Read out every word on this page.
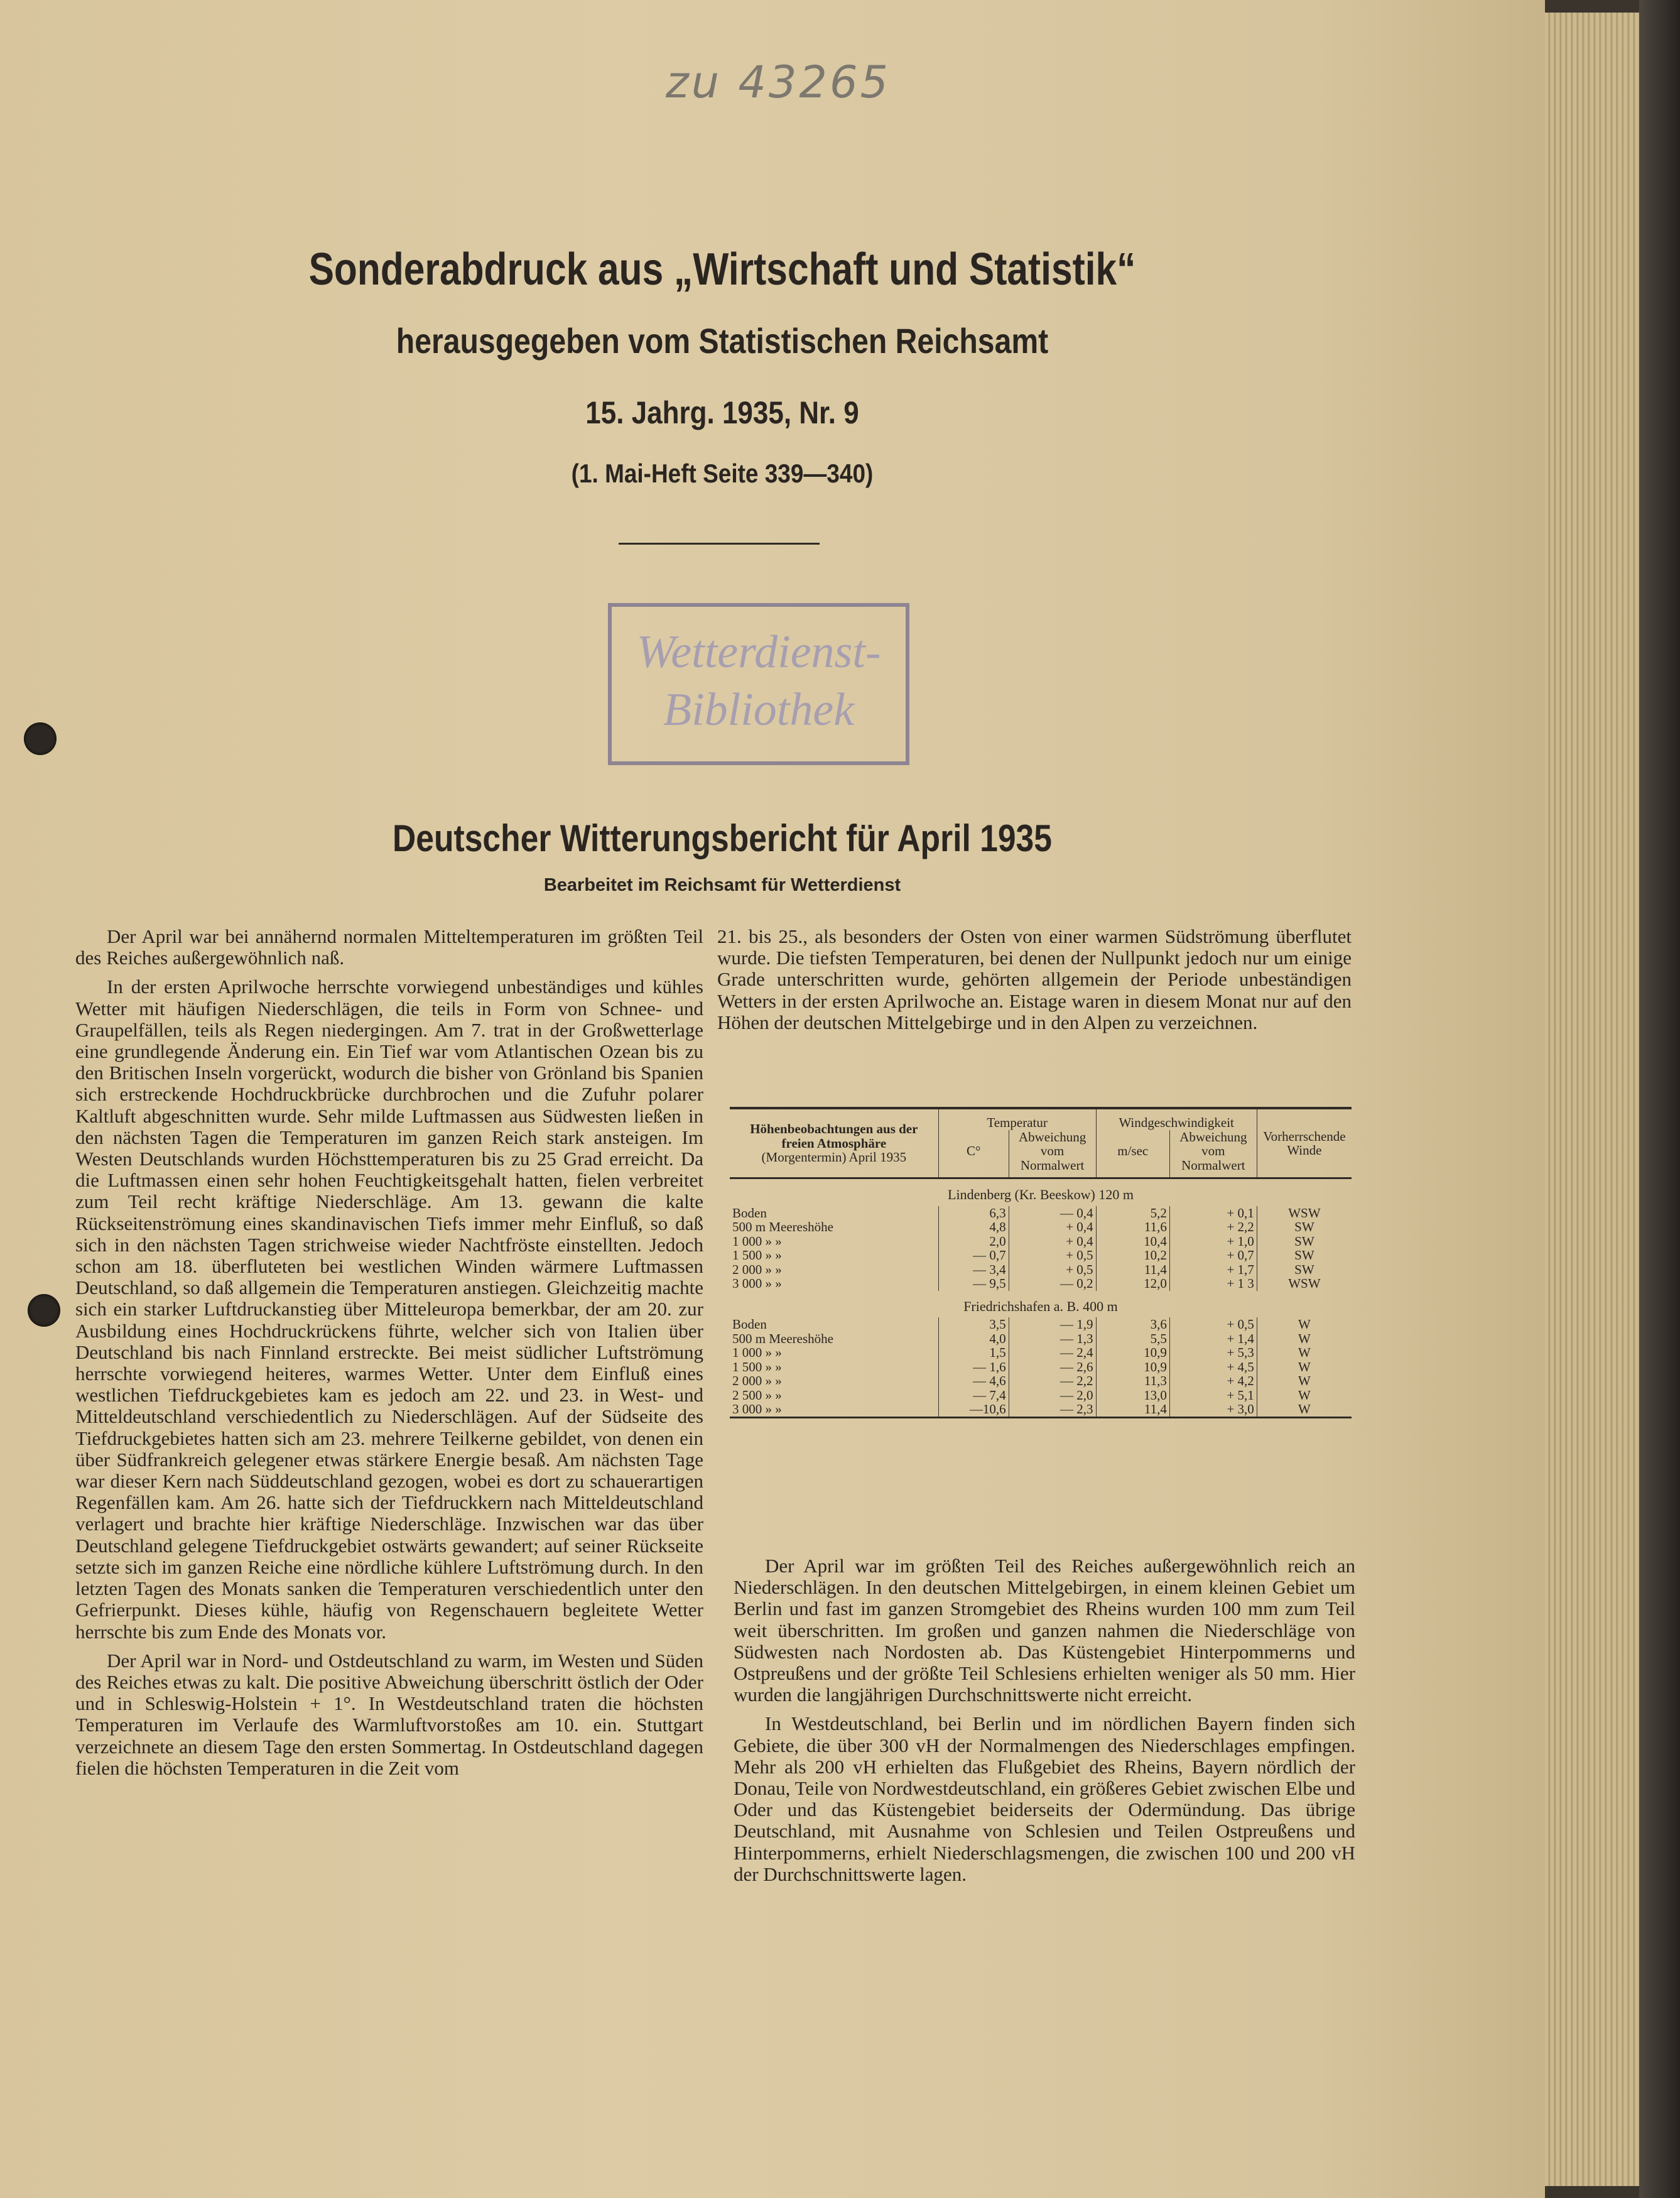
zu 43265
Sonderabdruck aus „Wirtschaft und Statistik“
herausgegeben vom Statistischen Reichsamt
15. Jahrg. 1935, Nr. 9
(1. Mai-Heft Seite 339—340)
Wetterdienst-
Bibliothek
Deutscher Witterungsbericht für April 1935
Bearbeitet im Reichsamt für Wetterdienst

Der April war bei annähernd normalen Mitteltemperaturen im größten Teil des Reiches außergewöhnlich naß.

In der ersten Aprilwoche herrschte vorwiegend unbeständiges und kühles Wetter mit häufigen Niederschlägen, die teils in Form von Schnee- und Graupelfällen, teils als Regen niedergingen. Am 7. trat in der Großwetterlage eine grundlegende Änderung ein. Ein Tief war vom Atlantischen Ozean bis zu den Britischen Inseln vorgerückt, wodurch die bisher von Grönland bis Spanien sich erstreckende Hochdruckbrücke durchbrochen und die Zufuhr polarer Kaltluft abgeschnitten wurde. Sehr milde Luftmassen aus Südwesten ließen in den nächsten Tagen die Temperaturen im ganzen Reich stark ansteigen. Im Westen Deutschlands wurden Höchsttemperaturen bis zu 25 Grad erreicht. Da die Luftmassen einen sehr hohen Feuchtigkeitsgehalt hatten, fielen verbreitet zum Teil recht kräftige Niederschläge. Am 13. gewann die kalte Rückseitenströmung eines skandinavischen Tiefs immer mehr Einfluß, so daß sich in den nächsten Tagen strichweise wieder Nachtfröste einstellten. Jedoch schon am 18. überfluteten bei westlichen Winden wärmere Luftmassen Deutschland, so daß allgemein die Temperaturen anstiegen. Gleichzeitig machte sich ein starker Luftdruckanstieg über Mitteleuropa bemerkbar, der am 20. zur Ausbildung eines Hochdruckrückens führte, welcher sich von Italien über Deutschland bis nach Finnland erstreckte. Bei meist südlicher Luftströmung herrschte vorwiegend heiteres, warmes Wetter. Unter dem Einfluß eines westlichen Tiefdruckgebietes kam es jedoch am 22. und 23. in West- und Mitteldeutschland verschiedentlich zu Niederschlägen. Auf der Südseite des Tiefdruckgebietes hatten sich am 23. mehrere Teilkerne gebildet, von denen ein über Südfrankreich gelegener etwas stärkere Energie besaß. Am nächsten Tage war dieser Kern nach Süddeutschland gezogen, wobei es dort zu schauerartigen Regenfällen kam. Am 26. hatte sich der Tiefdruckkern nach Mitteldeutschland verlagert und brachte hier kräftige Niederschläge. Inzwischen war das über Deutschland gelegene Tiefdruckgebiet ostwärts gewandert; auf seiner Rückseite setzte sich im ganzen Reiche eine nördliche kühlere Luftströmung durch. In den letzten Tagen des Monats sanken die Temperaturen verschiedentlich unter den Gefrierpunkt. Dieses kühle, häufig von Regenschauern begleitete Wetter herrschte bis zum Ende des Monats vor.

Der April war in Nord- und Ostdeutschland zu warm, im Westen und Süden des Reiches etwas zu kalt. Die positive Abweichung überschritt östlich der Oder und in Schleswig-Holstein + 1°. In Westdeutschland traten die höchsten Temperaturen im Verlaufe des Warmluftvorstoßes am 10. ein. Stuttgart verzeichnete an diesem Tage den ersten Sommertag. In Ostdeutschland dagegen fielen die höchsten Temperaturen in die Zeit vom

21. bis 25., als besonders der Osten von einer warmen Südströmung überflutet wurde. Die tiefsten Temperaturen, bei denen der Nullpunkt jedoch nur um einige Grade unterschritten wurde, gehörten allgemein der Periode unbeständigen Wetters in der ersten Aprilwoche an. Eistage waren in diesem Monat nur auf den Höhen der deutschen Mittelgebirge und in den Alpen zu verzeichnen.

Höhenbeobachtungen aus der freien Atmosphäre
(Morgentermin) April 1935	Temperatur		Windgeschwindigkeit		Vorherrschende Winde
	C°	Abweichung vom Normalwert	m/sec	Abweichung vom Normalwert	

Lindenberg (Kr. Beeskow) 120 m					
Boden	6,3	— 0,4	5,2	+ 0,1	WSW
500 m Meereshöhe	4,8	+ 0,4	11,6	+ 2,2	SW
1 000 » »	2,0	+ 0,4	10,4	+ 1,0	SW
1 500 » »	— 0,7	+ 0,5	10,2	+ 0,7	SW
2 000 » »	— 3,4	+ 0,5	11,4	+ 1,7	SW
3 000 » »	— 9,5	— 0,2	12,0	+ 1 3	WSW
Friedrichshafen a. B. 400 m					
Boden	3,5	— 1,9	3,6	+ 0,5	W
500 m Meereshöhe	4,0	— 1,3	5,5	+ 1,4	W
1 000 » »	1,5	— 2,4	10,9	+ 5,3	W
1 500 » »	— 1,6	— 2,6	10,9	+ 4,5	W
2 000 » »	— 4,6	— 2,2	11,3	+ 4,2	W
2 500 » »	— 7,4	— 2,0	13,0	+ 5,1	W
3 000 » »	—10,6	— 2,3	11,4	+ 3,0	W

Der April war im größten Teil des Reiches außergewöhnlich reich an Niederschlägen. In den deutschen Mittelgebirgen, in einem kleinen Gebiet um Berlin und fast im ganzen Stromgebiet des Rheins wurden 100 mm zum Teil weit überschritten. Im großen und ganzen nahmen die Niederschläge von Südwesten nach Nordosten ab. Das Küstengebiet Hinterpommerns und Ostpreußens und der größte Teil Schlesiens erhielten weniger als 50 mm. Hier wurden die langjährigen Durchschnittswerte nicht erreicht.

In Westdeutschland, bei Berlin und im nördlichen Bayern finden sich Gebiete, die über 300 vH der Normalmengen des Niederschlages empfingen. Mehr als 200 vH erhielten das Flußgebiet des Rheins, Bayern nördlich der Donau, Teile von Nordwestdeutschland, ein größeres Gebiet zwischen Elbe und Oder und das Küstengebiet beiderseits der Odermündung. Das übrige Deutschland, mit Ausnahme von Schlesien und Teilen Ostpreußens und Hinterpommerns, erhielt Niederschlagsmengen, die zwischen 100 und 200 vH der Durchschnittswerte lagen.
